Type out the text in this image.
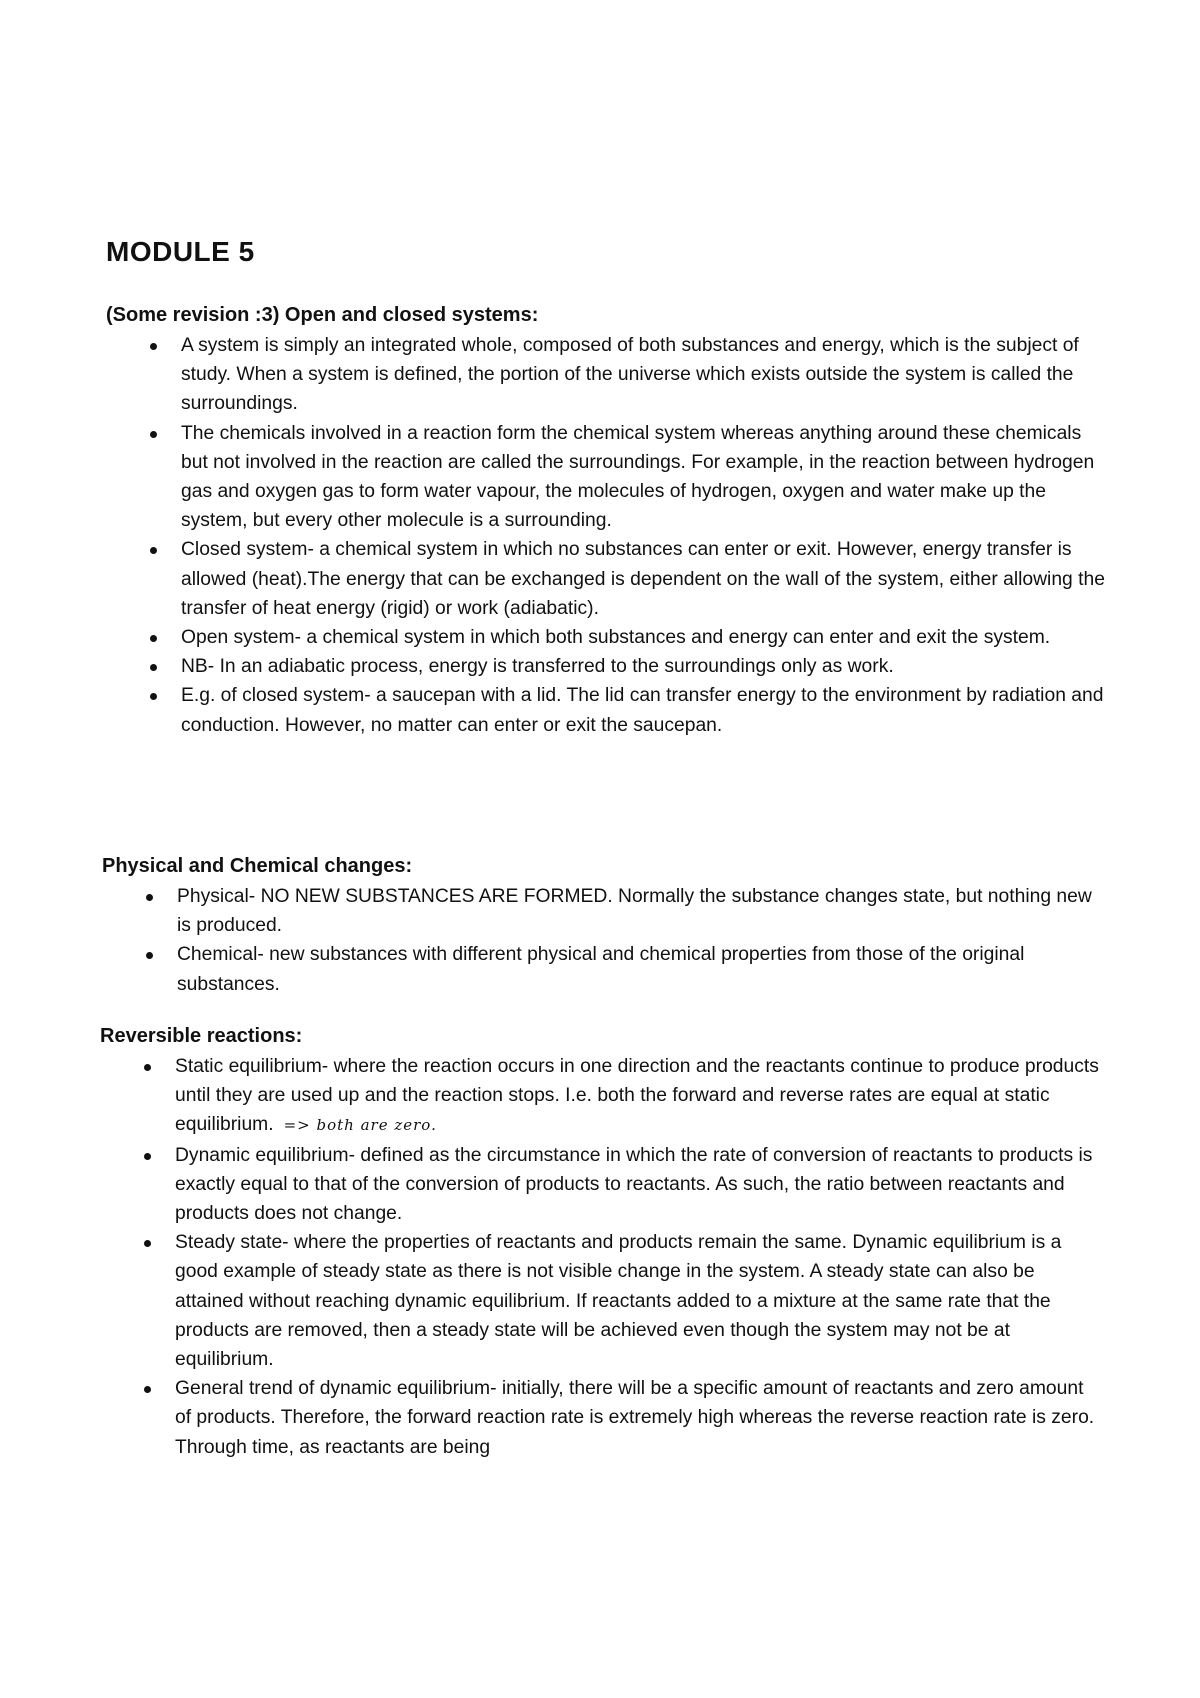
MODULE 5

(Some revision :3) Open and closed systems:

A system is simply an integrated whole, composed of both substances and energy, which is the subject of study. When a system is defined, the portion of the universe which exists outside the system is called the surroundings.
The chemicals involved in a reaction form the chemical system whereas anything around these chemicals but not involved in the reaction are called the surroundings. For example, in the reaction between hydrogen gas and oxygen gas to form water vapour, the molecules of hydrogen, oxygen and water make up the system, but every other molecule is a surrounding.
Closed system- a chemical system in which no substances can enter or exit. However, energy transfer is allowed (heat).The energy that can be exchanged is dependent on the wall of the system, either allowing the transfer of heat energy (rigid) or work (adiabatic).
Open system- a chemical system in which both substances and energy can enter and exit the system.
NB- In an adiabatic process, energy is transferred to the surroundings only as work.
E.g. of closed system- a saucepan with a lid. The lid can transfer energy to the environment by radiation and conduction. However, no matter can enter or exit the saucepan.

Physical and Chemical changes:

Physical- NO NEW SUBSTANCES ARE FORMED. Normally the substance changes state, but nothing new is produced.
Chemical- new substances with different physical and chemical properties from those of the original substances.

Reversible reactions:

Static equilibrium- where the reaction occurs in one direction and the reactants continue to produce products until they are used up and the reaction stops. I.e. both the forward and reverse rates are equal at static equilibrium. => both are zero.
Dynamic equilibrium- defined as the circumstance in which the rate of conversion of reactants to products is exactly equal to that of the conversion of products to reactants. As such, the ratio between reactants and products does not change.
Steady state- where the properties of reactants and products remain the same. Dynamic equilibrium is a good example of steady state as there is not visible change in the system. A steady state can also be attained without reaching dynamic equilibrium. If reactants added to a mixture at the same rate that the products are removed, then a steady state will be achieved even though the system may not be at equilibrium.
General trend of dynamic equilibrium- initially, there will be a specific amount of reactants and zero amount of products. Therefore, the forward reaction rate is extremely high whereas the reverse reaction rate is zero. Through time, as reactants are being
